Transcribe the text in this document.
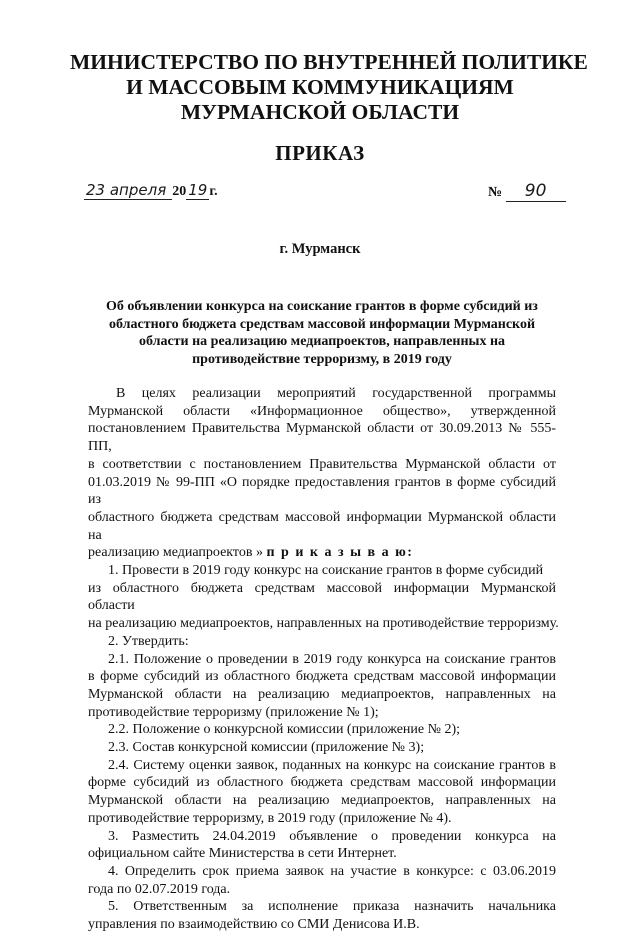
МИНИСТЕРСТВО ПО ВНУТРЕННЕЙ ПОЛИТИКЕ
И МАССОВЫМ КОММУНИКАЦИЯМ
МУРМАНСКОЙ ОБЛАСТИ
ПРИКАЗ
23 апреля 20 19 г.	№ 90
г. Мурманск
Об объявлении конкурса на соискание грантов в форме субсидий из
областного бюджета средствам массовой информации Мурманской
области на реализацию медиапроектов, направленных на
противодействие терроризму, в 2019 году
В целях реализации мероприятий государственной программы
Мурманской области «Информационное общество», утвержденной
постановлением Правительства Мурманской области от 30.09.2013 № 555-ПП,
в соответствии с постановлением Правительства Мурманской области от
01.03.2019 № 99-ПП «О порядке предоставления грантов в форме субсидий из
областного бюджета средствам массовой информации Мурманской области на
реализацию медиапроектов » п р и к а з ы в а ю:
1. Провести в 2019 году конкурс на соискание грантов в форме субсидий
из областного бюджета средствам массовой информации Мурманской области
на реализацию медиапроектов, направленных на противодействие терроризму.
2. Утвердить:
2.1. Положение о проведении в 2019 году конкурса на соискание грантов
в форме субсидий из областного бюджета средствам массовой информации
Мурманской области на реализацию медиапроектов, направленных на
противодействие терроризму (приложение № 1);
2.2. Положение о конкурсной комиссии (приложение № 2);
2.3. Состав конкурсной комиссии (приложение № 3);
2.4. Систему оценки заявок, поданных на конкурс на соискание грантов в
форме субсидий из областного бюджета средствам массовой информации
Мурманской области на реализацию медиапроектов, направленных на
противодействие терроризму, в 2019 году (приложение № 4).
3. Разместить 24.04.2019 объявление о проведении конкурса на
официальном сайте Министерства в сети Интернет.
4. Определить срок приема заявок на участие в конкурсе: с 03.06.2019
года по 02.07.2019 года.
5. Ответственным за исполнение приказа назначить начальника
управления по взаимодействию со СМИ Денисова И.В.
